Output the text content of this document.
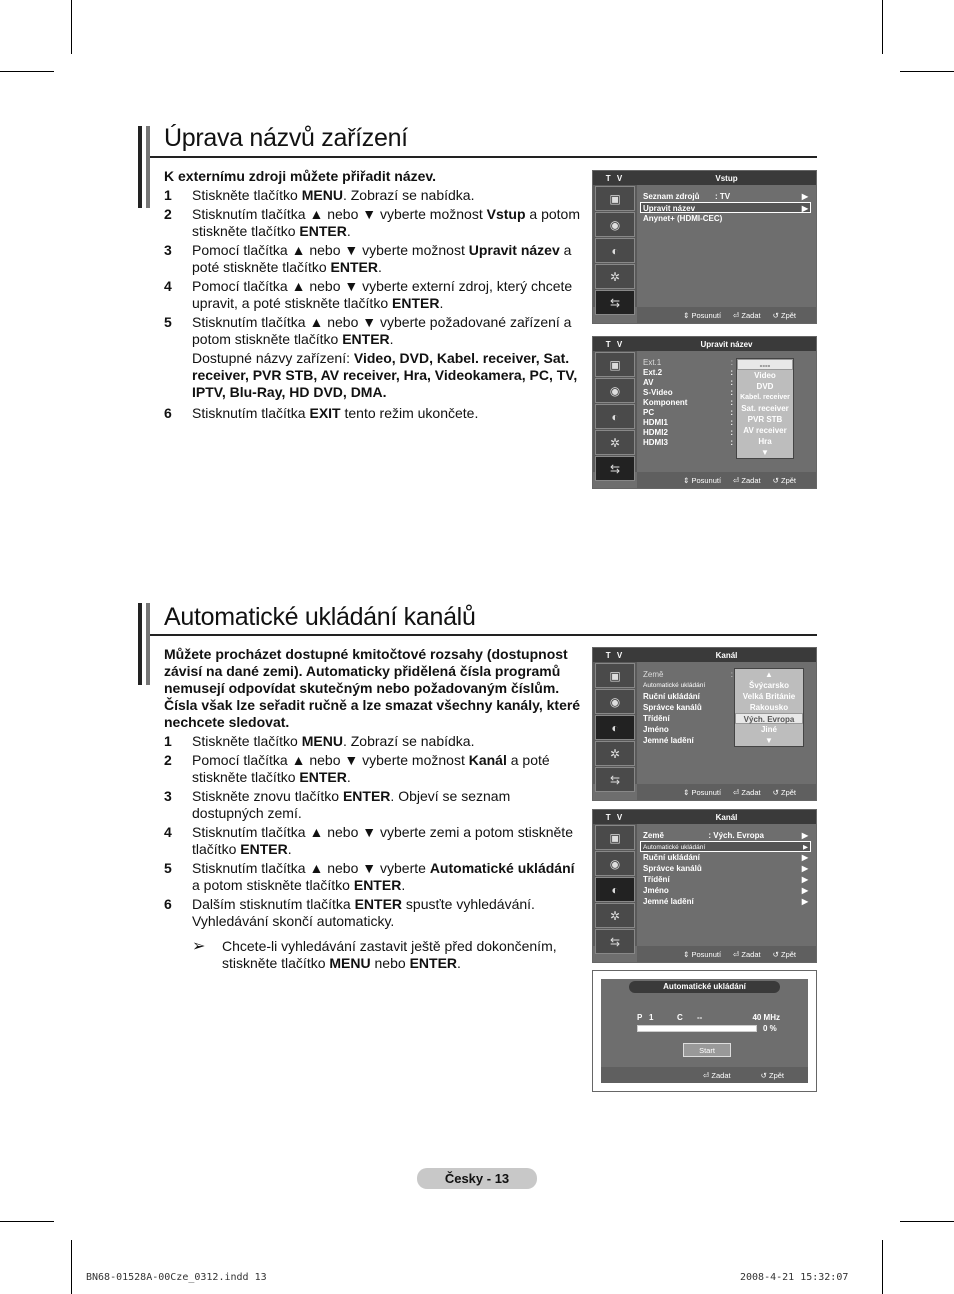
Úprava názvů zařízení
K externímu zdroji můžete přiřadit název.
1	Stiskněte tlačítko MENU. Zobrazí se nabídka.
2	Stisknutím tlačítka ▲ nebo ▼ vyberte možnost Vstup a potom stiskněte tlačítko ENTER.
3	Pomocí tlačítka ▲ nebo ▼ vyberte možnost Upravit název a poté stiskněte tlačítko ENTER.
4	Pomocí tlačítka ▲ nebo ▼ vyberte externí zdroj, který chcete upravit, a poté stiskněte tlačítko ENTER.
5	Stisknutím tlačítka ▲ nebo ▼ vyberte požadované zařízení a potom stiskněte tlačítko ENTER.

Dostupné názvy zařízení: Video, DVD, Kabel. receiver, Sat. receiver, PVR STB, AV receiver, Hra, Videokamera, PC, TV, IPTV, Blu-Ray, HD DVD, DMA.

6	Stisknutím tlačítka EXIT tento režim ukončete.
T V	Vstup
▣
◉
◐
✲
⇆
Seznam zdrojů       : TV	▶
Upravit název	▶
Anynet+ (HDMI-CEC)
⇕ Posunutí ⏎ Zadat ↺ Zpět
T V	Upravit název
▣
◉
◐
✲
⇆
Ext.1	:
Ext.2	:
AV	:
S-Video	:
Komponent	:
PC	:
HDMI1	:
HDMI2	:
HDMI3	:
----
Video
DVD
Kabel. receiver
Sat. receiver
PVR STB
AV receiver
Hra
▼
⇕ Posunutí ⏎ Zadat ↺ Zpět
Automatické ukládání kanálů
Můžete procházet dostupné kmitočtové rozsahy (dostupnost závisí na dané zemi). Automaticky přidělená čísla programů nemusejí odpovídat skutečným nebo požadovaným číslům. Čísla však lze seřadit ručně a lze smazat všechny kanály, které nechcete sledovat.
1	Stiskněte tlačítko MENU. Zobrazí se nabídka.
2	Pomocí tlačítka ▲ nebo ▼ vyberte možnost Kanál a poté stiskněte tlačítko ENTER.
3	Stiskněte znovu tlačítko ENTER. Objeví se seznam dostupných zemí.
4	Stisknutím tlačítka ▲ nebo ▼ vyberte zemi a potom stiskněte tlačítko ENTER.
5	Stisknutím tlačítka ▲ nebo ▼ vyberte Automatické ukládání a potom stiskněte tlačítko ENTER.
6	Dalším stisknutím tlačítka ENTER spusťte vyhledávání. Vyhledávání skončí automaticky.
➢	Chcete-li vyhledávání zastavit ještě před dokončením, stiskněte tlačítko MENU nebo ENTER.
T V	Kanál
▣
◉
◐
✲
⇆
Země	:
Automatické ukládání
Ruční ukládání
Správce kanálů
Třídění
Jméno
Jemné ladění
▲
Švýcarsko
Velká Británie
Rakousko
Vých. Evropa
Jiné
▼
⇕ Posunutí ⏎ Zadat ↺ Zpět
T V	Kanál
▣
◉
◐
✲
⇆
Země                    : Vých. Evropa	▶
Automatické ukládání	▶
Ruční ukládání	▶
Správce kanálů	▶
Třídění	▶
Jméno	▶
Jemné ladění	▶
⇕ Posunutí ⏎ Zadat ↺ Zpět
Automatické ukládání
P 1	C	--	40 MHz
0 %
Start
⏎ Zadat	↺ Zpět
Česky - 13
BN68-01528A-00Cze_0312.indd 13	2008-4-21 15:32:07
